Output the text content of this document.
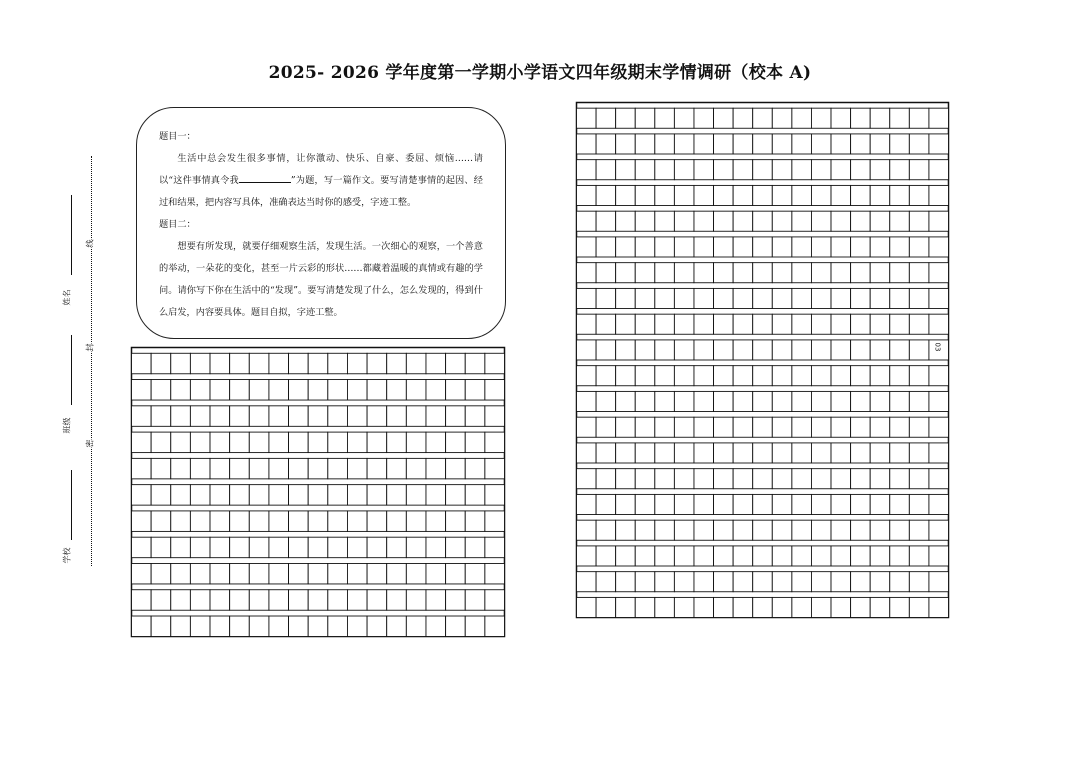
2025- 2026 学年度第一学期小学语文四年级期末学情调研（校本 A)

题目一：

生活中总会发生很多事情，让你激动、快乐、自豪、委屈、烦恼……请以“这件事情真令我	”为题，写一篇作文。要写清楚事情的起因、经过和结果，把内容写具体，准确表达当时你的感受，字迹工整。

题目二：

想要有所发现，就要仔细观察生活，发现生活。一次细心的观察，一个善意的举动，一朵花的变化，甚至一片云彩的形状……都藏着温暖的真情或有趣的学问。请你写下你在生活中的“发现”。要写清楚发现了什么，怎么发现的，得到什么启发，内容要具体。题目自拟，字迹工整。

姓名
班级
学校
线
封
密
03
